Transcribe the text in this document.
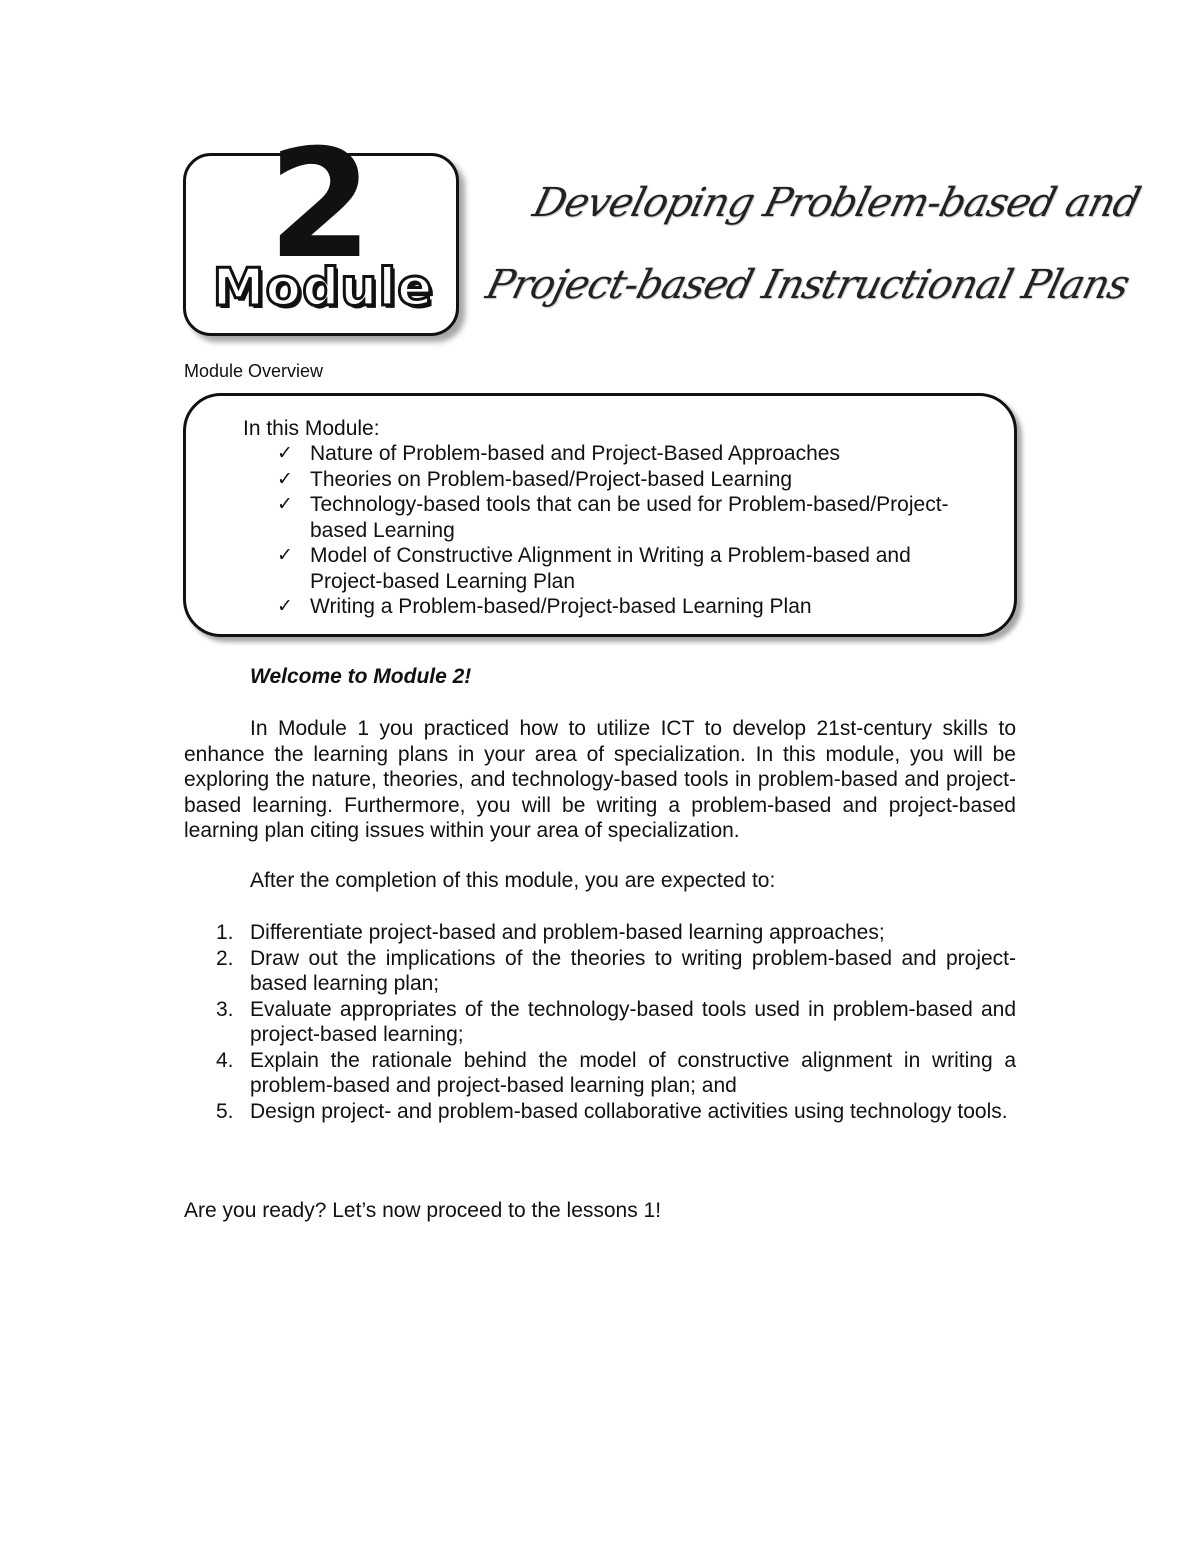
2
Module
Developing Problem-based and
Project-based Instructional Plans
Module Overview
In this Module:
✓ Nature of Problem-based and Project-Based Approaches
✓ Theories on Problem-based/Project-based Learning
✓ Technology-based tools that can be used for Problem-based/Project-based Learning
✓ Model of Constructive Alignment in Writing a Problem-based and Project-based Learning Plan
✓ Writing a Problem-based/Project-based Learning Plan
Welcome to Module 2!

In Module 1 you practiced how to utilize ICT to develop 21st-century skills to enhance the learning plans in your area of specialization. In this module, you will be exploring the nature, theories, and technology-based tools in problem-based and project-based learning. Furthermore, you will be writing a problem-based and project-based learning plan citing issues within your area of specialization.

After the completion of this module, you are expected to:
1. Differentiate project-based and problem-based learning approaches;
2. Draw out the implications of the theories to writing problem-based and project-based learning plan;
3. Evaluate appropriates of the technology-based tools used in problem-based and project-based learning;
4. Explain the rationale behind the model of constructive alignment in writing a problem-based and project-based learning plan; and
5. Design project- and problem-based collaborative activities using technology tools.
Are you ready? Let’s now proceed to the lessons 1!
